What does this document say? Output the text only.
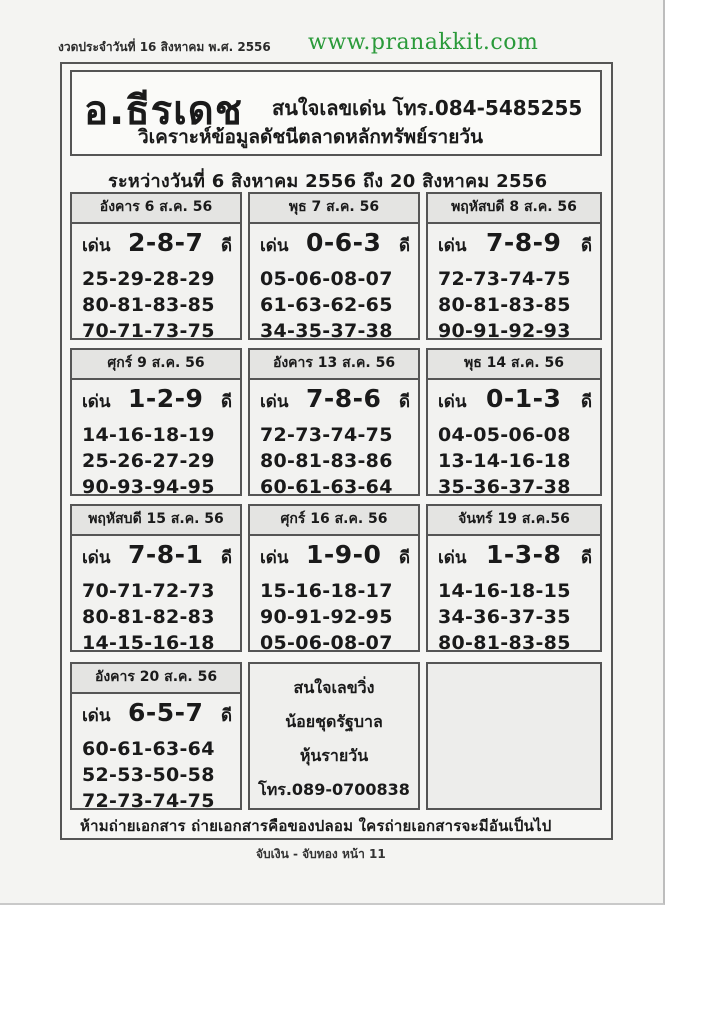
งวดประจำวันที่ 16 สิงหาคม พ.ศ. 2556 www.pranakkit.com
อ.ธีรเดช สนใจเลขเด่น โทร.084-5485255
วิเคราะห์ข้อมูลดัชนีตลาดหลักทรัพย์รายวัน
ระหว่างวันที่ 6 สิงหาคม 2556 ถึง 20 สิงหาคม 2556
อังคาร 6 ส.ค. 56
เด่น 2-8-7 ดี
25-29-28-29
80-81-83-85
70-71-73-75
พุธ 7 ส.ค. 56
เด่น 0-6-3 ดี
05-06-08-07
61-63-62-65
34-35-37-38
พฤหัสบดี 8 ส.ค. 56
เด่น 7-8-9 ดี
72-73-74-75
80-81-83-85
90-91-92-93
ศุกร์ 9 ส.ค. 56
เด่น 1-2-9 ดี
14-16-18-19
25-26-27-29
90-93-94-95
อังคาร 13 ส.ค. 56
เด่น 7-8-6 ดี
72-73-74-75
80-81-83-86
60-61-63-64
พุธ 14 ส.ค. 56
เด่น 0-1-3 ดี
04-05-06-08
13-14-16-18
35-36-37-38
พฤหัสบดี 15 ส.ค. 56
เด่น 7-8-1 ดี
70-71-72-73
80-81-82-83
14-15-16-18
ศุกร์ 16 ส.ค. 56
เด่น 1-9-0 ดี
15-16-18-17
90-91-92-95
05-06-08-07
จันทร์ 19 ส.ค.56
เด่น 1-3-8 ดี
14-16-18-15
34-36-37-35
80-81-83-85
อังคาร 20 ส.ค. 56
เด่น 6-5-7 ดี
60-61-63-64
52-53-50-58
72-73-74-75
สนใจเลขวิ่ง
น้อยชุดรัฐบาล
หุ้นรายวัน
โทร.089-0700838
ห้ามถ่ายเอกสาร ถ่ายเอกสารคือของปลอม ใครถ่ายเอกสารจะมีอันเป็นไป
จับเงิน - จับทอง หน้า 11
